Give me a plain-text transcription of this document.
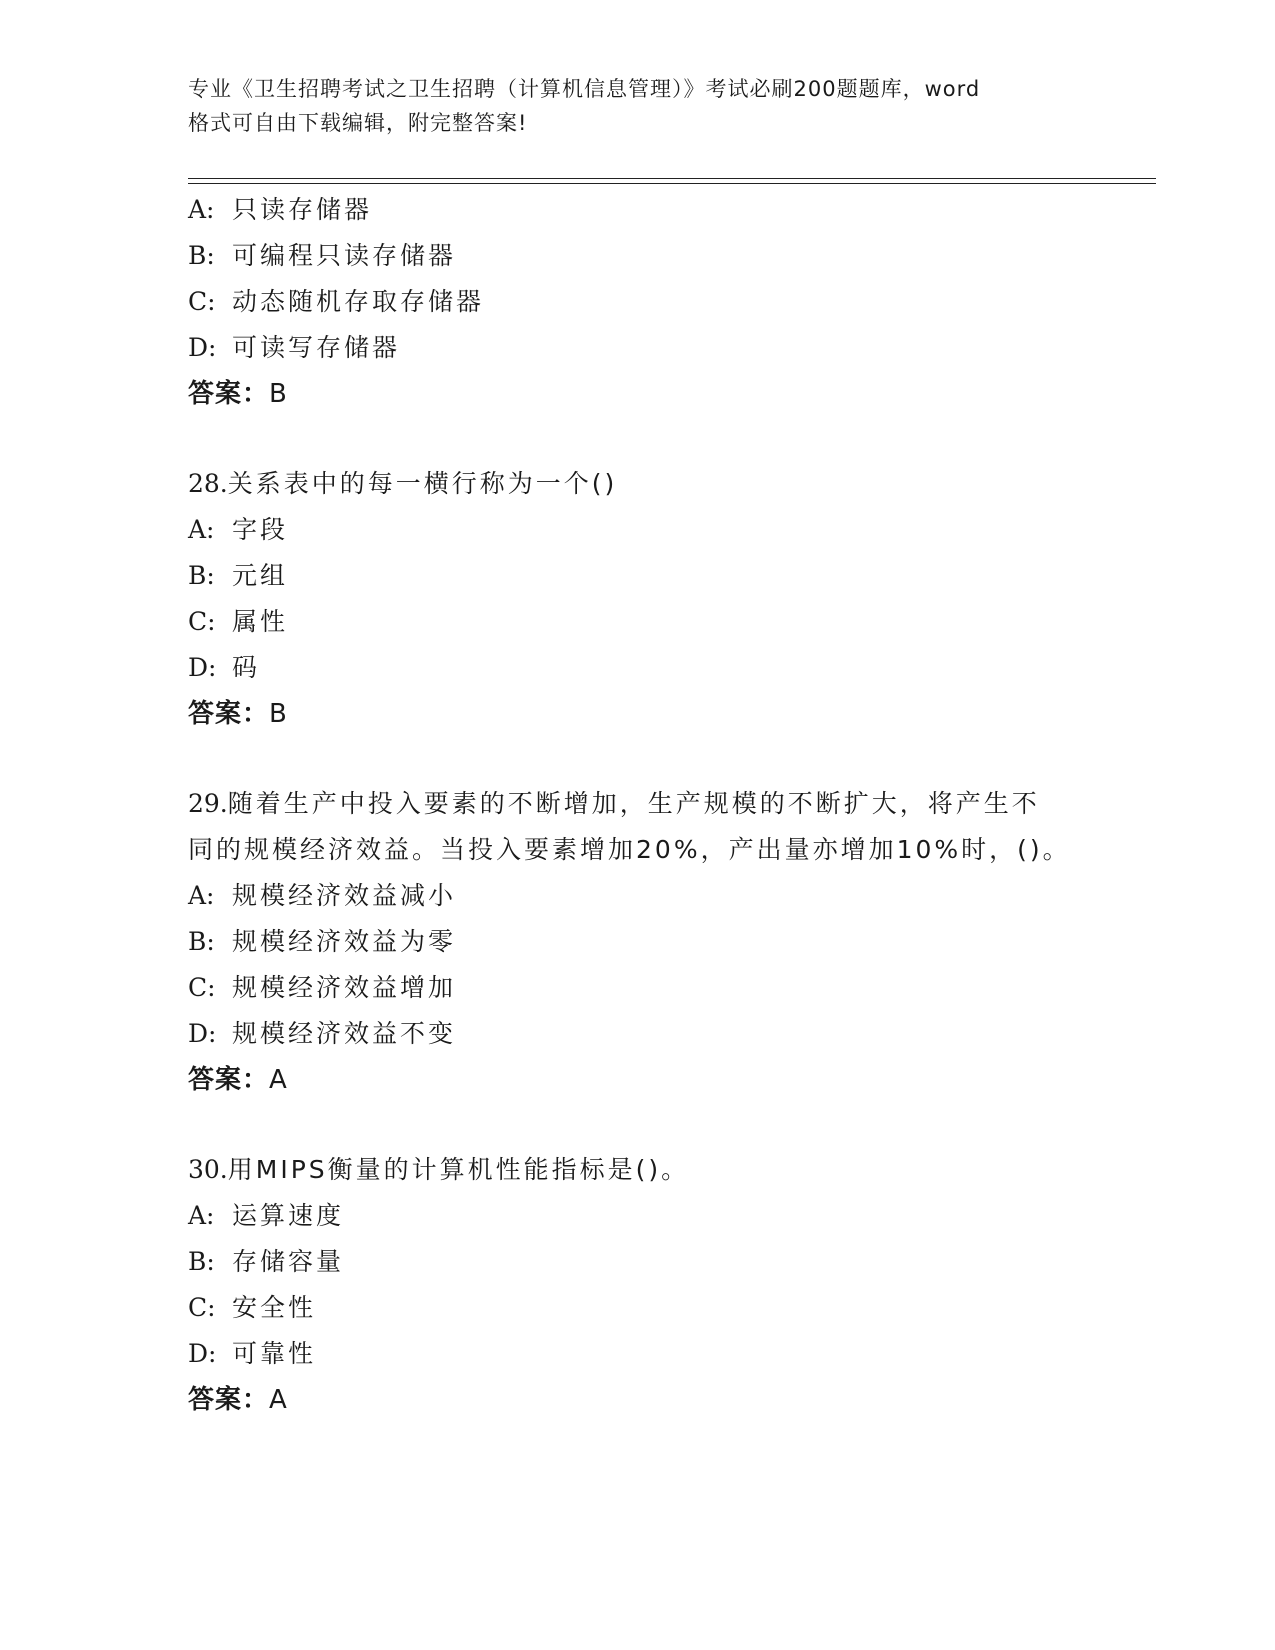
专业《卫生招聘考试之卫生招聘（计算机信息管理）》考试必刷200题题库，word
格式可自由下载编辑，附完整答案!
A: 只读存储器
B: 可编程只读存储器
C: 动态随机存取存储器
D: 可读写存储器
答案：B
28.关系表中的每一横行称为一个()
A: 字段
B: 元组
C: 属性
D: 码
答案：B
29.随着生产中投入要素的不断增加，生产规模的不断扩大，将产生不
同的规模经济效益。当投入要素增加20%，产出量亦增加10%时，()。
A: 规模经济效益减小
B: 规模经济效益为零
C: 规模经济效益增加
D: 规模经济效益不变
答案：A
30.用MIPS衡量的计算机性能指标是()。
A: 运算速度
B: 存储容量
C: 安全性
D: 可靠性
答案：A
